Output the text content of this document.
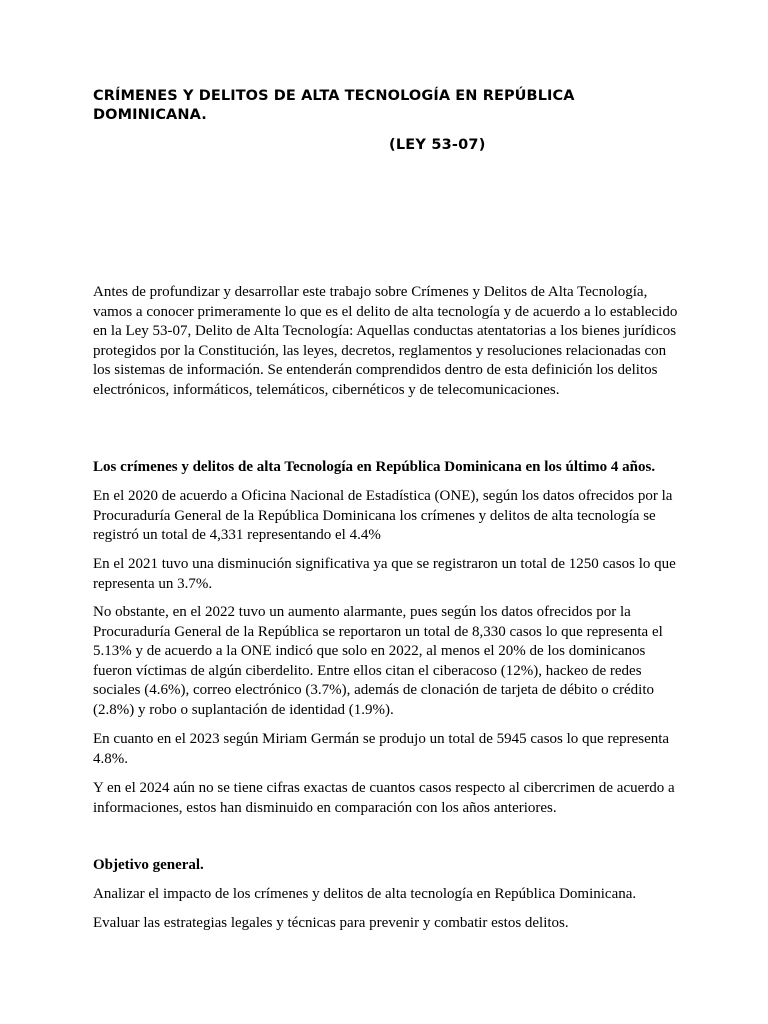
CRÍMENES Y DELITOS DE ALTA TECNOLOGÍA EN REPÚBLICA DOMINICANA.

(LEY 53-07)

Antes de profundizar y desarrollar este trabajo sobre Crímenes y Delitos de Alta Tecnología, vamos a conocer primeramente lo que es el delito de alta tecnología y de acuerdo a lo establecido en la Ley 53-07, Delito de Alta Tecnología: Aquellas conductas atentatorias a los bienes jurídicos protegidos por la Constitución, las leyes, decretos, reglamentos y resoluciones relacionadas con los sistemas de información. Se entenderán comprendidos dentro de esta definición los delitos electrónicos, informáticos, telemáticos, cibernéticos y de telecomunicaciones.

Los crímenes y delitos de alta Tecnología en República Dominicana en los último 4 años.

En el 2020 de acuerdo a Oficina Nacional de Estadística (ONE), según los datos ofrecidos por la Procuraduría General de la República Dominicana los crímenes y delitos de alta tecnología se registró un total de 4,331 representando el 4.4%

En el 2021 tuvo una disminución significativa ya que se registraron un total de 1250 casos lo que representa un 3.7%.

No obstante, en el 2022 tuvo un aumento alarmante, pues según los datos ofrecidos por la Procuraduría General de la República se reportaron un total de 8,330 casos lo que representa el 5.13% y de acuerdo a la ONE indicó que solo en 2022, al menos el 20% de los dominicanos fueron víctimas de algún ciberdelito. Entre ellos citan el ciberacoso (12%), hackeo de redes sociales (4.6%), correo electrónico (3.7%), además de clonación de tarjeta de débito o crédito (2.8%) y robo o suplantación de identidad (1.9%).

En cuanto en el 2023 según Miriam Germán se produjo un total de 5945 casos lo que representa 4.8%.

Y en el 2024 aún no se tiene cifras exactas de cuantos casos respecto al cibercrimen de acuerdo a informaciones, estos han disminuido en comparación con los años anteriores.

Objetivo general.

Analizar el impacto de los crímenes y delitos de alta tecnología en República Dominicana.

Evaluar las estrategias legales y técnicas para prevenir y combatir estos delitos.
